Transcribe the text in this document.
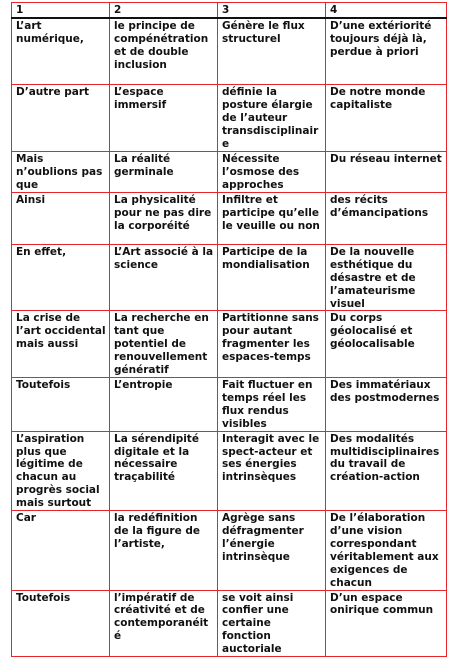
1	2	3	4

L’art numérique,	le principe de compénétration et de double inclusion	Génère le flux structurel	D’une extériorité toujours déjà là, perdue à priori

D’autre part	L’espace immersif	définie la posture élargie de l’auteur transdisciplinaire	De notre monde capitaliste

Mais n’oublions pas que	La réalité germinale	Nécessite l’osmose des approches	Du réseau internet

Ainsi	La physicalité pour ne pas dire la corporéité	Infiltre et participe qu’elle le veuille ou non	des récits d’émancipations

En effet,	L’Art associé à la science	Participe de la mondialisation	De la nouvelle esthétique du désastre et de l’amateurisme visuel

La crise de l’art occidental mais aussi	La recherche en tant que potentiel de renouvellement génératif	Partitionne sans pour autant fragmenter les espaces-temps	Du corps géolocalisé et géolocalisable

Toutefois	L’entropie	Fait fluctuer en temps réel les flux rendus visibles	Des immatériaux des postmodernes

L’aspiration plus que légitime de chacun au progrès social mais surtout	La sérendipité digitale et la nécessaire traçabilité	Interagit avec le spect-acteur et ses énergies intrinsèques	Des modalités multidisciplinaires du travail de création-action

Car	la redéfinition de la figure de l’artiste,	Agrège sans défragmenter l’énergie intrinsèque	De l’élaboration d’une vision correspondant véritablement aux exigences de chacun

Toutefois	l’impératif de créativité et de contemporanéité	se voit ainsi confier une certaine fonction auctoriale	D’un espace onirique commun
